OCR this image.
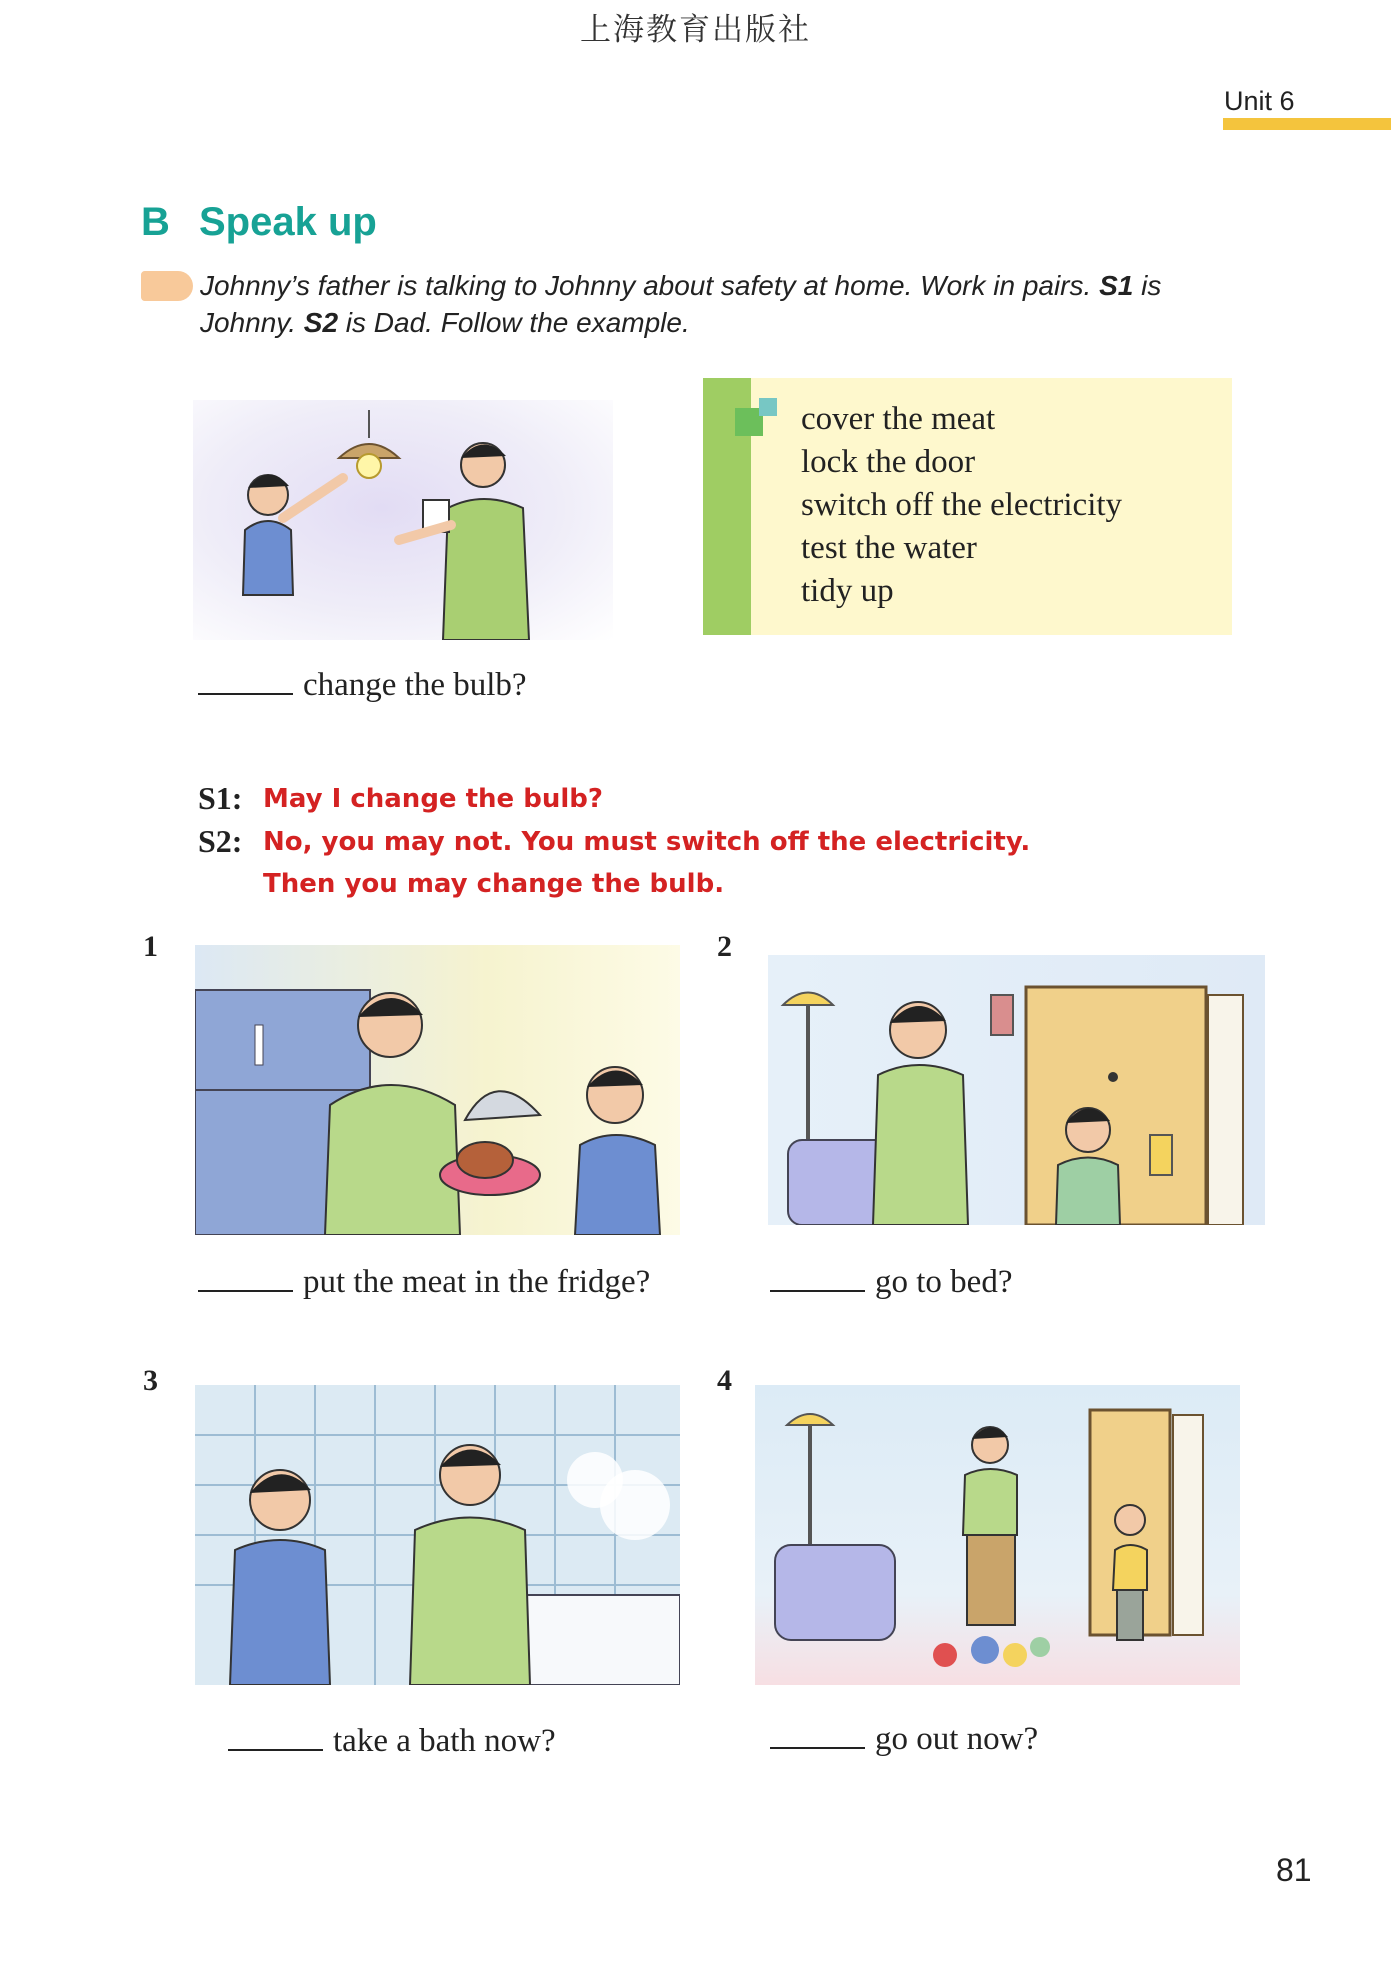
上海教育出版社
Unit 6
B Speak up
Johnny’s father is talking to Johnny about safety at home. Work in pairs. S1 is Johnny. S2 is Dad. Follow the example.
cover the meat
lock the door
switch off the electricity
test the water
tidy up
change the bulb?
S1: May I change the bulb?
S2: No, you may not. You must switch off the electricity.
Then you may change the bulb.
1
put the meat in the fridge?
2
go to bed?
3
take a bath now?
4
go out now?
81
